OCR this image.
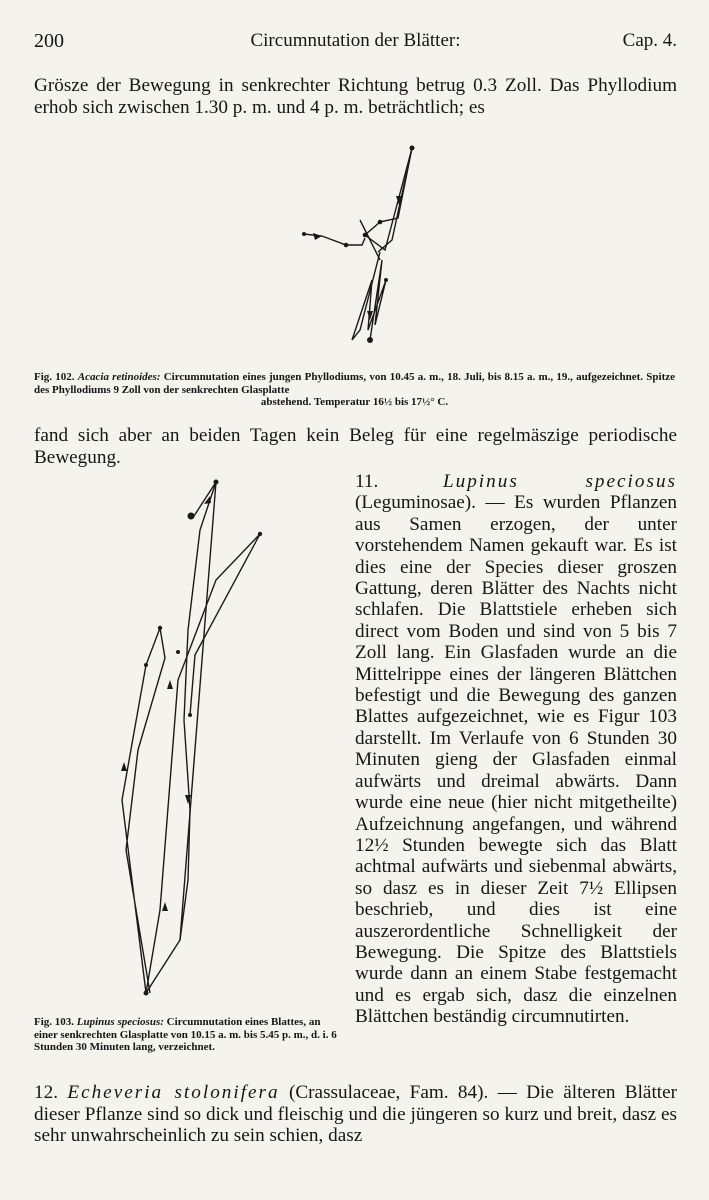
200	Circumnutation der Blätter:	Cap. 4.
Grösze der Bewegung in senkrechter Richtung betrug 0.3 Zoll. Das Phyllodium erhob sich zwischen 1.30 p. m. und 4 p. m. beträchtlich; es
Fig. 102. Acacia retinoides: Circumnutation eines jungen Phyllodiums, von 10.45 a. m., 18. Juli, bis 8.15 a. m., 19., aufgezeichnet. Spitze des Phyllodiums 9 Zoll von der senkrechten Glasplatte
abstehend. Temperatur 16½ bis 17½° C.
fand sich aber an beiden Tagen kein Beleg für eine regelmäszige periodische Bewegung.
11.	Lupinus speciosus (Leguminosae). — Es wurden Pflanzen aus Samen erzogen, der unter vorstehendem Namen gekauft war. Es ist dies eine der Species dieser groszen Gattung, deren Blätter des Nachts nicht schlafen. Die Blattstiele erheben sich direct vom Boden und sind von 5 bis 7 Zoll lang. Ein Glasfaden wurde an die Mittelrippe eines der längeren Blättchen befestigt und die Bewegung des ganzen Blattes aufgezeichnet, wie es Figur 103 darstellt. Im Verlaufe von 6 Stunden 30 Minuten gieng der Glasfaden einmal aufwärts und dreimal abwärts. Dann wurde eine neue (hier nicht mitgetheilte) Aufzeichnung angefangen, und während 12½ Stunden bewegte sich das Blatt achtmal aufwärts und siebenmal abwärts, so dasz es in dieser Zeit 7½ Ellipsen beschrieb, und dies ist eine auszerordentliche Schnelligkeit der Bewegung. Die Spitze des Blattstiels wurde dann an einem Stabe festgemacht und es ergab sich, dasz die einzelnen Blättchen beständig circumnutirten.
Fig. 103. Lupinus speciosus: Circumnutation eines Blattes, an einer senkrechten Glasplatte von 10.15 a. m. bis 5.45 p. m., d. i. 6 Stunden 30 Minuten lang, verzeichnet.
12. Echeveria stolonifera (Crassulaceae, Fam. 84). — Die älteren Blätter dieser Pflanze sind so dick und fleischig und die jüngeren so kurz und breit, dasz es sehr unwahrscheinlich zu sein schien, dasz
